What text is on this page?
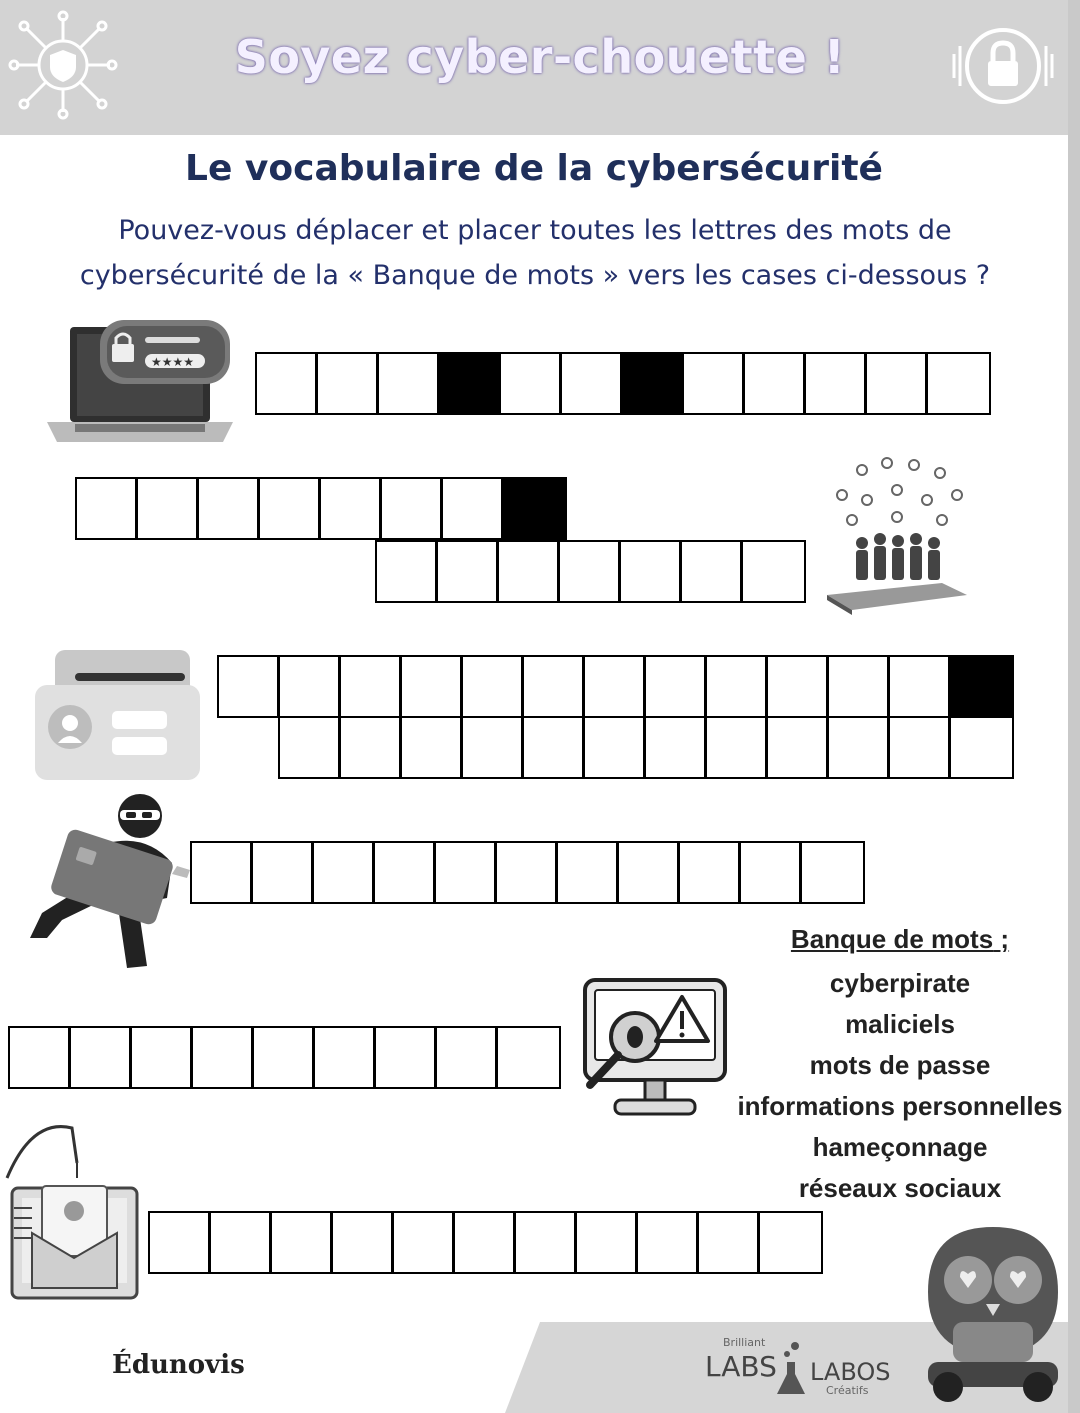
Soyez cyber-chouette !
Le vocabulaire de la cybersécurité
Pouvez-vous déplacer et placer toutes les lettres des mots de
cybersécurité de la « Banque de mots » vers les cases ci-dessous ?
★★★★
Banque de mots ;
cyberpirate
maliciels
mots de passe
informations personnelles
hameçonnage
réseaux sociaux
Édunovis
Brilliant
LABS LABOS
Créatifs
